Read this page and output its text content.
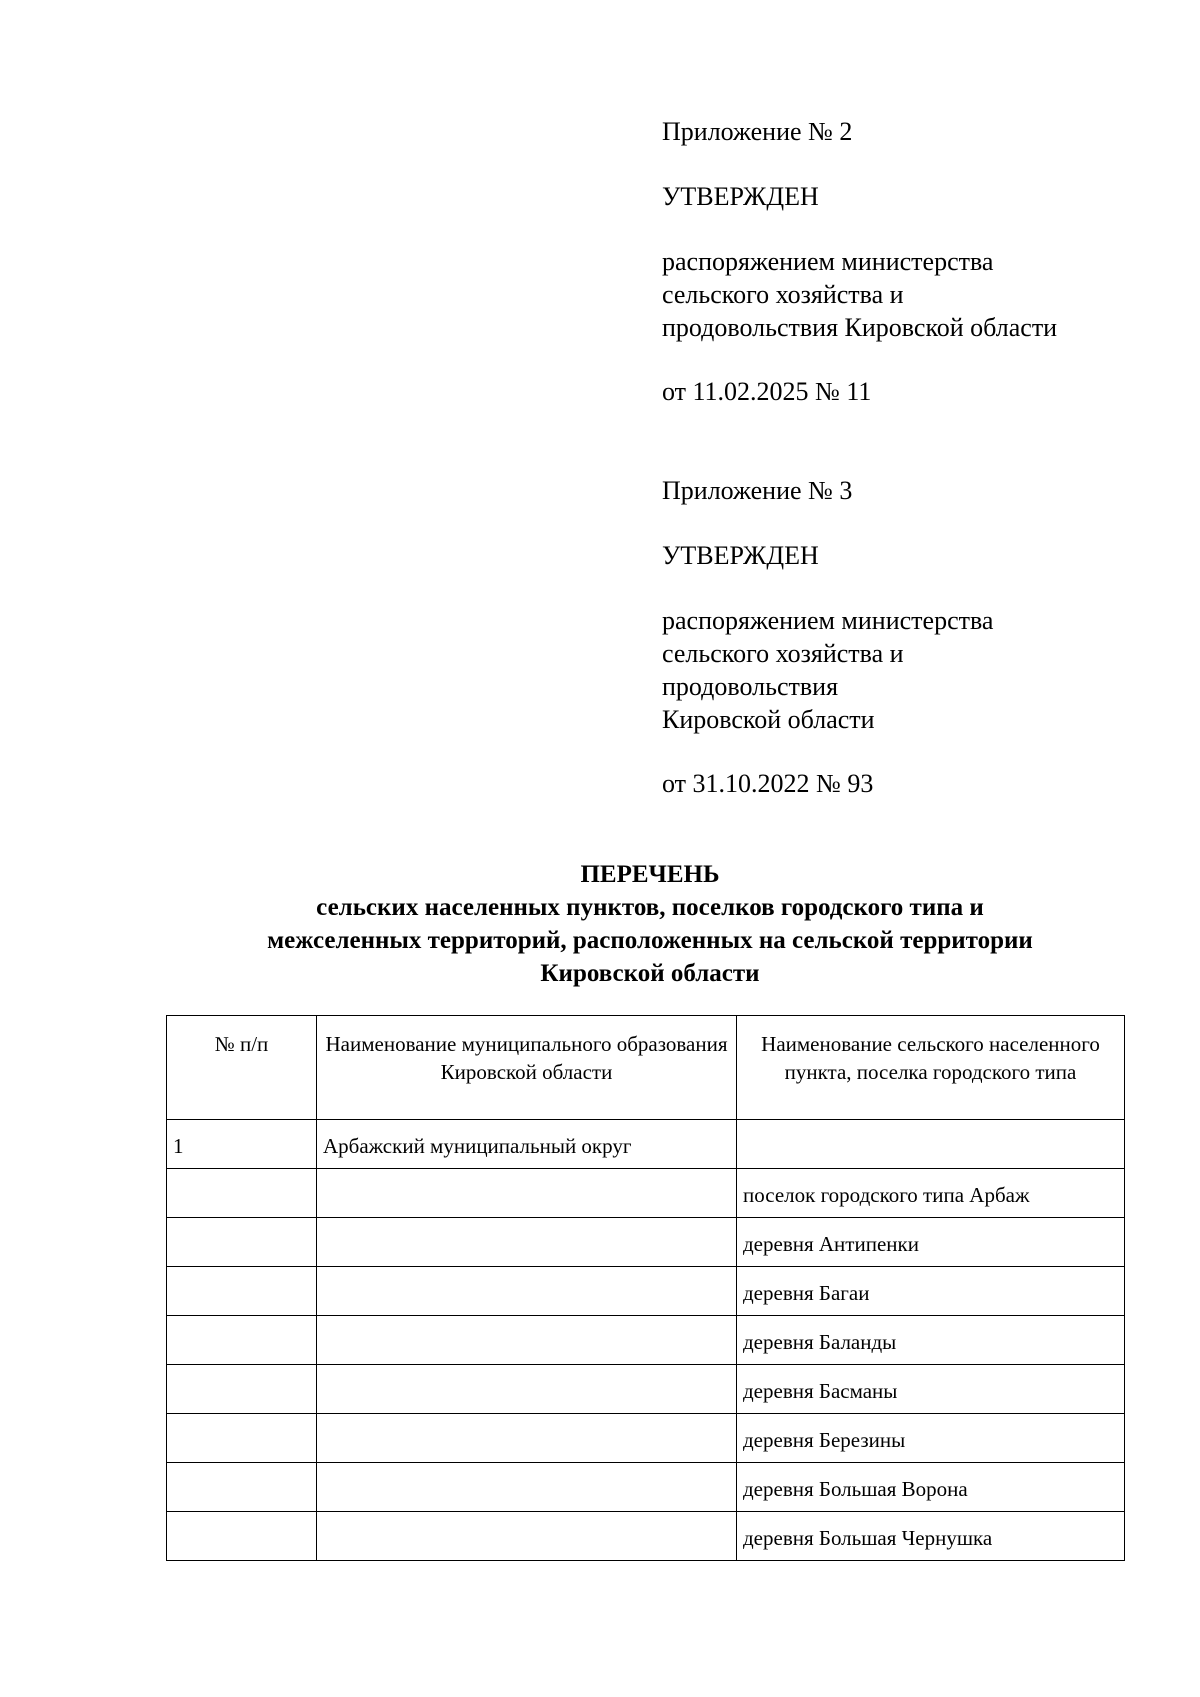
Приложение № 2

УТВЕРЖДЕН

распоряжением министерства
сельского хозяйства и
продовольствия Кировской области

от 11.02.2025 № 11

Приложение № 3

УТВЕРЖДЕН

распоряжением министерства
сельского хозяйства и
продовольствия
Кировской области

от 31.10.2022 № 93

ПЕРЕЧЕНЬ
сельских населенных пунктов, поселков городского типа и
межселенных территорий, расположенных на сельской территории
Кировской области
№ п/п	Наименование муниципального образования Кировской области	Наименование сельского населенного пункта, поселка городского типа
1	Арбажский муниципальный округ	
		поселок городского типа Арбаж
		деревня Антипенки
		деревня Багаи
		деревня Баланды
		деревня Басманы
		деревня Березины
		деревня Большая Ворона
		деревня Большая Чернушка
